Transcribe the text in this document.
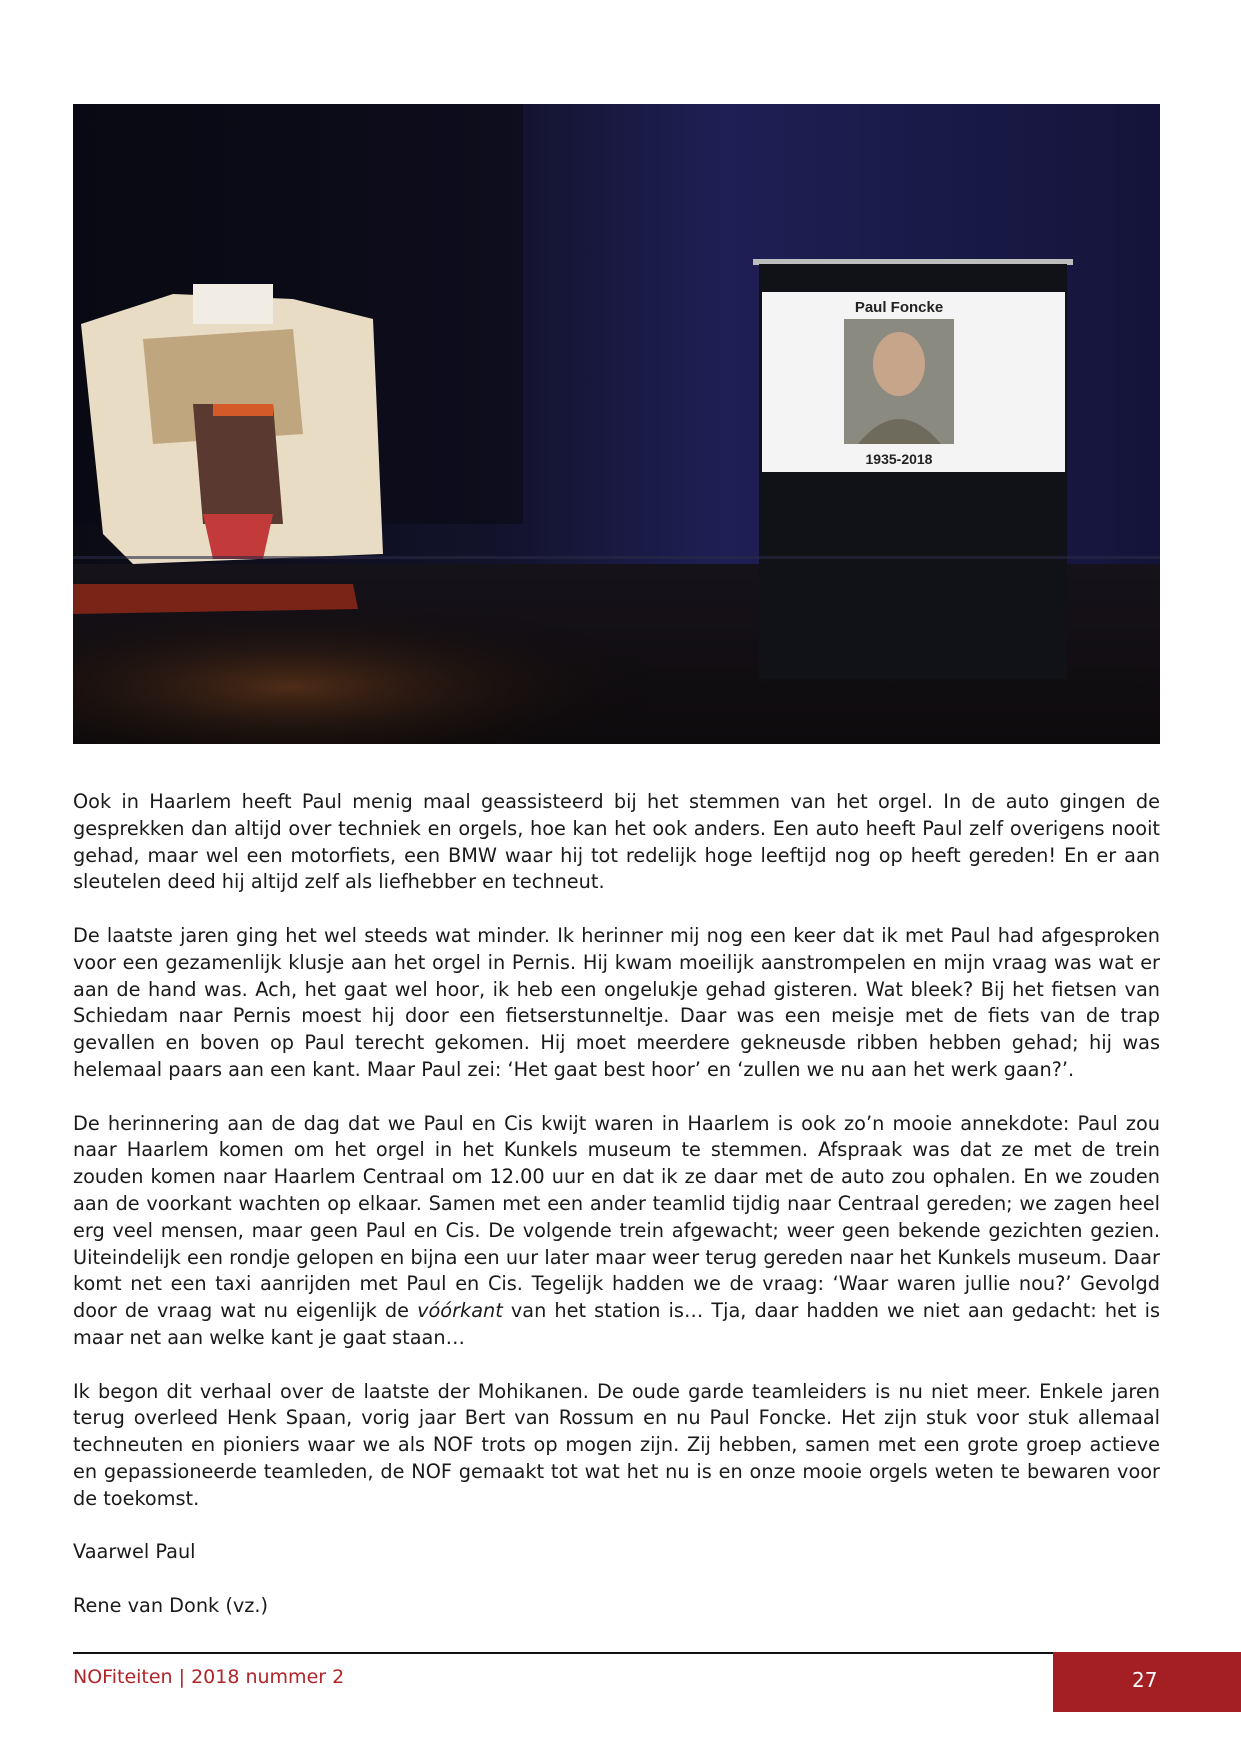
Paul Foncke
1935-2018

Ook in Haarlem heeft Paul menig maal geassisteerd bij het stemmen van het orgel. In de auto gingen de gesprekken dan altijd over techniek en orgels, hoe kan het ook anders. Een auto heeft Paul zelf overigens nooit gehad, maar wel een motorfiets, een BMW waar hij tot redelijk hoge leeftijd nog op heeft gereden! En er aan sleutelen deed hij altijd zelf als liefhebber en techneut.

De laatste jaren ging het wel steeds wat minder. Ik herinner mij nog een keer dat ik met Paul had afgesproken voor een gezamenlijk klusje aan het orgel in Pernis. Hij kwam moeilijk aanstrompelen en mijn vraag was wat er aan de hand was. Ach, het gaat wel hoor, ik heb een ongelukje gehad gisteren. Wat bleek? Bij het fietsen van Schiedam naar Pernis moest hij door een fietserstunneltje. Daar was een meisje met de fiets van de trap gevallen en boven op Paul terecht gekomen. Hij moet meerdere gekneusde ribben hebben gehad; hij was helemaal paars aan een kant. Maar Paul zei: ‘Het gaat best hoor’ en ‘zullen we nu aan het werk gaan?’.

De herinnering aan de dag dat we Paul en Cis kwijt waren in Haarlem is ook zo’n mooie annekdote: Paul zou naar Haarlem komen om het orgel in het Kunkels museum te stemmen. Afspraak was dat ze met de trein zouden komen naar Haarlem Centraal om 12.00 uur en dat ik ze daar met de auto zou ophalen. En we zouden aan de voorkant wachten op elkaar. Samen met een ander teamlid tijdig naar Centraal gereden; we zagen heel erg veel mensen, maar geen Paul en Cis. De volgende trein afgewacht; weer geen bekende gezichten gezien. Uiteindelijk een rondje gelopen en bijna een uur later maar weer terug gereden naar het Kunkels museum. Daar komt net een taxi aanrijden met Paul en Cis. Tegelijk hadden we de vraag: ‘Waar waren jullie nou?’ Gevolgd door de vraag wat nu eigenlijk de vóórkant van het station is… Tja, daar hadden we niet aan gedacht: het is maar net aan welke kant je gaat staan…

Ik begon dit verhaal over de laatste der Mohikanen. De oude garde teamleiders is nu niet meer. Enkele jaren terug overleed Henk Spaan, vorig jaar Bert van Rossum en nu Paul Foncke. Het zijn stuk voor stuk allemaal techneuten en pioniers waar we als NOF trots op mogen zijn. Zij hebben, samen met een grote groep actieve en gepassioneerde teamleden, de NOF gemaakt tot wat het nu is en onze mooie orgels weten te bewaren voor de toekomst.

Vaarwel Paul

Rene van Donk (vz.)

NOFiteiten | 2018 nummer 2	27
